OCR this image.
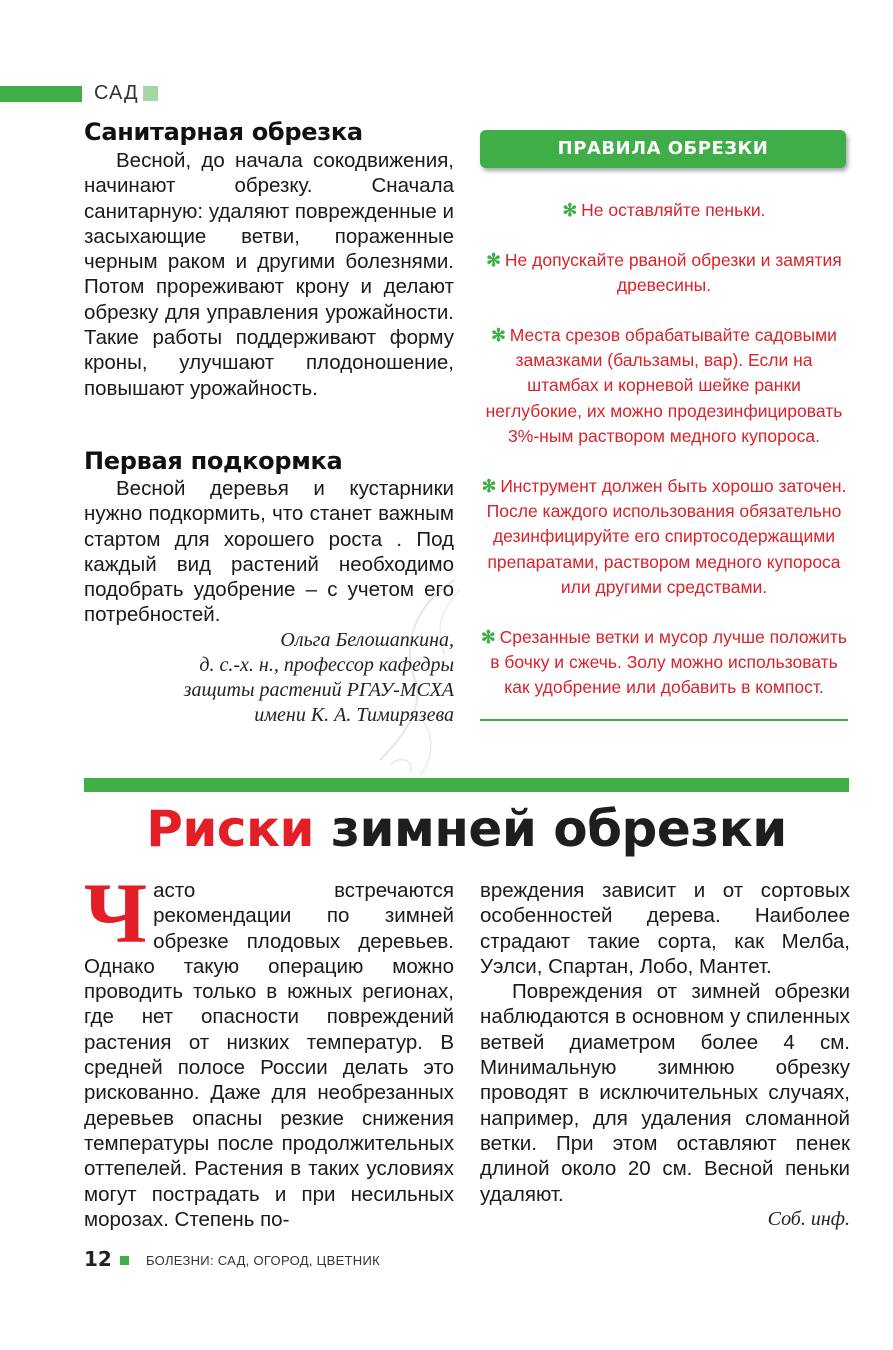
САД
Санитарная обрезка
Весной, до начала сокодвижения, начинают обрезку. Сначала санитарную: удаляют поврежденные и засыхающие ветви, пораженные черным раком и другими болезнями. Потом прореживают крону и делают обрезку для управления урожайности. Такие работы поддерживают форму кроны, улучшают плодоношение, повышают урожайность.
Первая подкормка
Весной деревья и кустарники нужно подкормить, что станет важным стартом для хорошего роста . Под каждый вид растений необходимо подобрать удобрение – с учетом его потребностей.
Ольга Белошапкина,
д. с.-х. н., профессор кафедры
защиты растений РГАУ-МСХА
имени К. А. Тимирязева
ПРАВИЛА ОБРЕЗКИ
✻ Не оставляйте пеньки.
✻ Не допускайте рваной обрезки и замятия древесины.
✻ Места срезов обрабатывайте садовыми замазками (бальзамы, вар). Если на штамбах и корневой шейке ранки неглубокие, их можно продезинфицировать 3%-ным раствором медного купороса.
✻ Инструмент должен быть хорошо заточен. После каждого использования обязательно дезинфицируйте его спиртосодержащими препаратами, раствором медного купороса или другими средствами.
✻ Срезанные ветки и мусор лучше положить в бочку и сжечь. Золу можно использовать как удобрение или добавить в компост.
Риски зимней обрезки
Часто встречаются рекомендации по зимней обрезке плодовых деревьев. Однако такую операцию можно проводить только в южных регионах, где нет опасности повреждений растения от низких температур. В средней полосе России делать это рискованно. Даже для необрезанных деревьев опасны резкие снижения температуры после продолжительных оттепелей. Растения в таких условиях могут пострадать и при несильных морозах. Степень по-
вреждения зависит и от сортовых особенностей дерева. Наиболее страдают такие сорта, как Мелба, Уэлси, Спартан, Лобо, Мантет.
Повреждения от зимней обрезки наблюдаются в основном у спиленных ветвей диаметром более 4 см. Минимальную зимнюю обрезку проводят в исключительных случаях, например, для удаления сломанной ветки. При этом оставляют пенек длиной около 20 см. Весной пеньки удаляют.
Соб. инф.
12	БОЛЕЗНИ: САД, ОГОРОД, ЦВЕТНИК
